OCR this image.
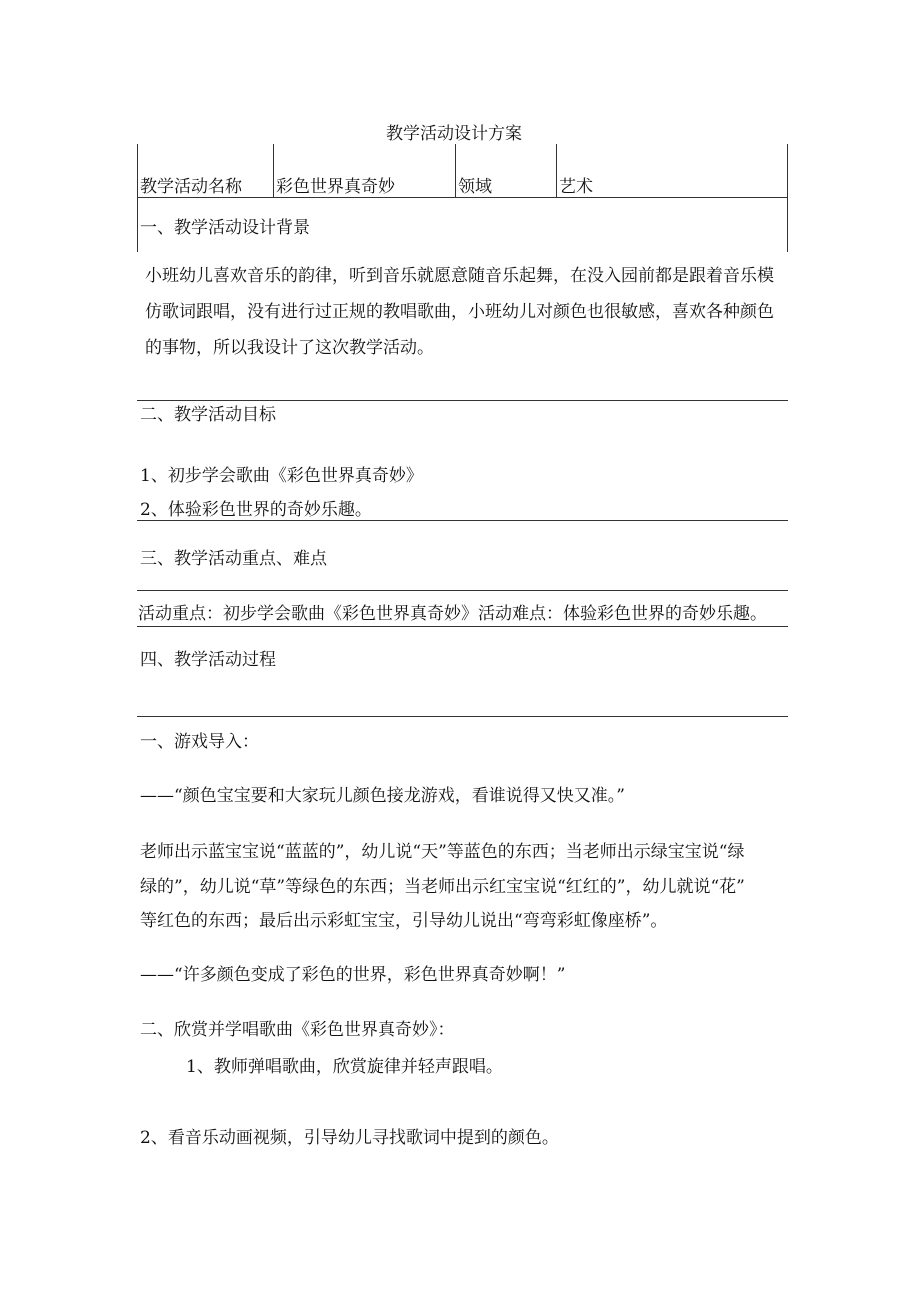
教学活动设计方案
教学活动名称 彩色世界真奇妙	领域	艺术
一、教学活动设计背景
小班幼儿喜欢音乐的韵律，听到音乐就愿意随音乐起舞，在没入园前都是跟着音乐模
仿歌词跟唱，没有进行过正规的教唱歌曲，小班幼儿对颜色也很敏感，喜欢各种颜色
的事物，所以我设计了这次教学活动。
二、教学活动目标
1、初步学会歌曲《彩色世界真奇妙》
2、体验彩色世界的奇妙乐趣。
三、教学活动重点、难点
活动重点：初步学会歌曲《彩色世界真奇妙》活动难点：体验彩色世界的奇妙乐趣。
四、教学活动过程
一、游戏导入：
——“颜色宝宝要和大家玩儿颜色接龙游戏，看谁说得又快又准。”
老师出示蓝宝宝说“蓝蓝的”，幼儿说“天”等蓝色的东西；当老师出示绿宝宝说“绿
绿的”，幼儿说“草”等绿色的东西；当老师出示红宝宝说“红红的”，幼儿就说“花”
等红色的东西；最后出示彩虹宝宝，引导幼儿说出“弯弯彩虹像座桥”。
——“许多颜色变成了彩色的世界，彩色世界真奇妙啊！”
二、欣赏并学唱歌曲《彩色世界真奇妙》：
1、教师弹唱歌曲，欣赏旋律并轻声跟唱。
2、看音乐动画视频，引导幼儿寻找歌词中提到的颜色。
